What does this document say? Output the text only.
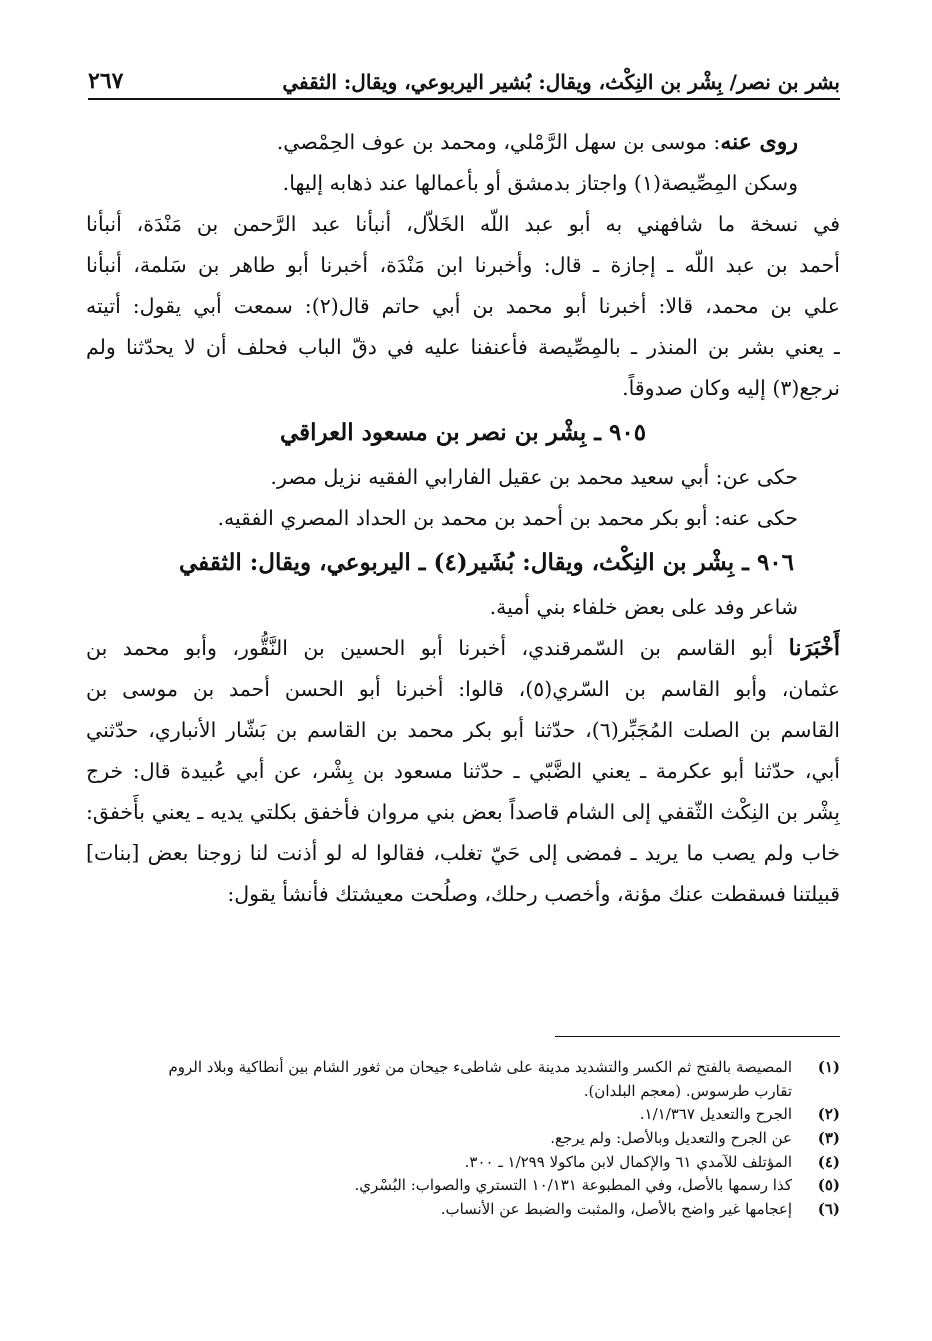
بشر بن نصر/ بِشْر بن النِكْث، ويقال: بُشير اليربوعي، ويقال: الثقفي
٢٦٧
روى عنه: موسى بن سهل الرَّمْلي، ومحمد بن عوف الحِمْصي.
وسكن المِصِّيصة(١) واجتاز بدمشق أو بأعمالها عند ذهابه إليها.
في نسخة ما شافهني به أبو عبد اللّه الخَلاّل، أنبأنا عبد الرَّحمن بن مَنْدَة، أنبأنا
أحمد بن عبد اللّه ـ إجازة ـ قال: وأخبرنا ابن مَنْدَة، أخبرنا أبو طاهر بن سَلمة، أنبأنا
علي بن محمد، قالا: أخبرنا أبو محمد بن أبي حاتم قال(٢): سمعت أبي يقول: أتيته
ـ يعني بشر بن المنذر ـ بالمِصِّيصة فأعنفنا عليه في دقّ الباب فحلف أن لا يحدّثنا ولم
نرجع(٣) إليه وكان صدوقاً.
٩٠٥ ـ بِشْر بن نصر بن مسعود العراقي
حكى عن: أبي سعيد محمد بن عقيل الفارابي الفقيه نزيل مصر.
حكى عنه: أبو بكر محمد بن أحمد بن محمد بن الحداد المصري الفقيه.
٩٠٦ ـ بِشْر بن النِكْث، ويقال: بُشَير(٤) ـ اليربوعي، ويقال: الثقفي
شاعر وفد على بعض خلفاء بني أمية.
أَخْبَرَنا أبو القاسم بن السّمرقندي، أخبرنا أبو الحسين بن النَّقُّور، وأبو محمد بن
عثمان، وأبو القاسم بن السّري(٥)، قالوا: أخبرنا أبو الحسن أحمد بن موسى بن
القاسم بن الصلت المُجَبِّر(٦)، حدّثنا أبو بكر محمد بن القاسم بن بَشّار الأنباري، حدّثني
أبي، حدّثنا أبو عكرمة ـ يعني الضَّبّي ـ حدّثنا مسعود بن بِشْر، عن أبي عُبيدة قال: خرج
بِشْر بن النِكْث الثّقفي إلى الشام قاصداً بعض بني مروان فأخفق بكلتي يديه ـ يعني بأَخفق:
خاب ولم يصب ما يريد ـ فمضى إلى حَيّ تغلب، فقالوا له لو أذنت لنا زوجنا بعض [بنات]
قبيلتنا فسقطت عنك مؤنة، وأخصب رحلك، وصلُحت معيشتك فأنشأ يقول:
(١)
المصيصة بالفتح ثم الكسر والتشديد مدينة على شاطىء جيحان من ثغور الشام بين أنطاكية وبلاد الروم
تقارب طرسوس. (معجم البلدان).
(٢)
الجرح والتعديل ١/١/٣٦٧.
(٣)
عن الجرح والتعديل وبالأصل: ولم يرجع.
(٤)
المؤتلف للآمدي ٦١ والإكمال لابن ماكولا ١/٢٩٩ ـ ٣٠٠.
(٥)
كذا رسمها بالأصل، وفي المطبوعة ١٠/١٣١ التستري والصواب: البُسْري.
(٦)
إعجامها غير واضح بالأصل، والمثبت والضبط عن الأنساب.
